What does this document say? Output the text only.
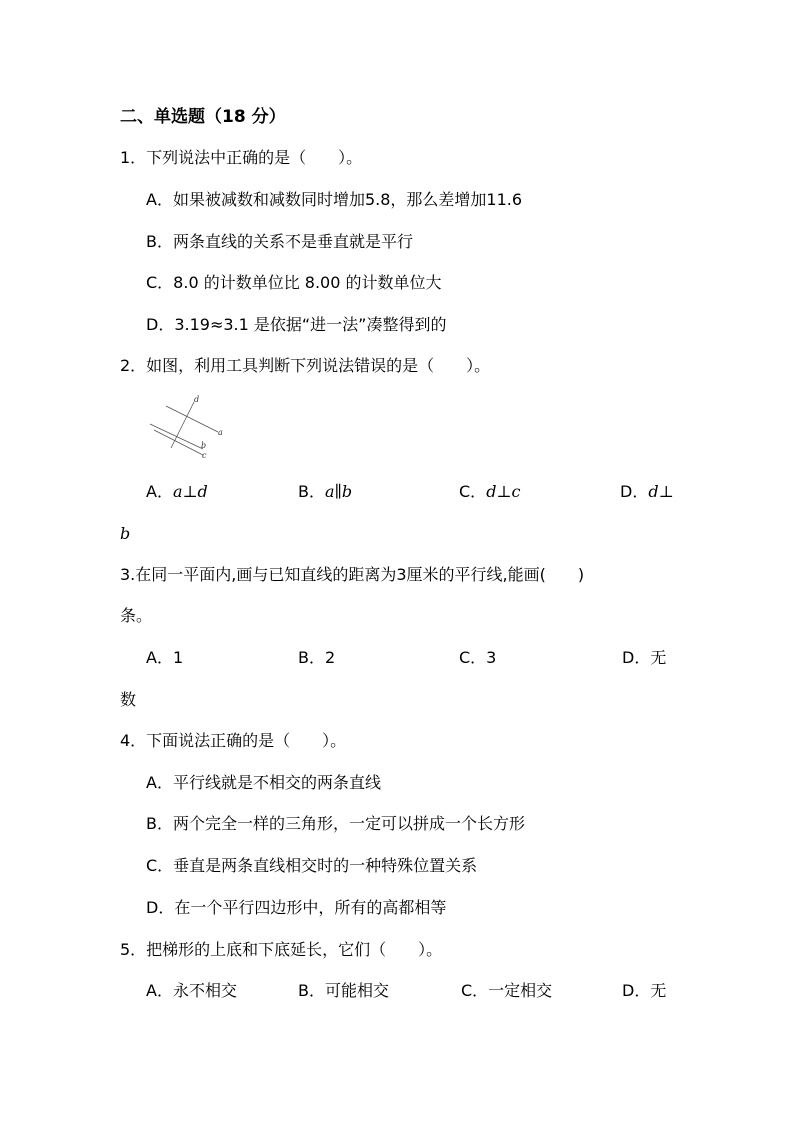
二、单选题（18 分）
1．下列说法中正确的是（　　）。
A．如果被减数和减数同时增加5.8，那么差增加11.6
B．两条直线的关系不是垂直就是平行
C．8.0 的计数单位比 8.00 的计数单位大
D．3.19≈3.1 是依据“进一法”凑整得到的
2．如图，利用工具判断下列说法错误的是（　　）。
d
a
b
c
A．a⊥d	B．a∥b	C．d⊥c	D．d⊥
b
3.在同一平面内,画与已知直线的距离为3厘米的平行线,能画(　　)
条。
A．1	B．2	C．3	D．无
数
4．下面说法正确的是（　　）。
A．平行线就是不相交的两条直线
B．两个完全一样的三角形，一定可以拼成一个长方形
C．垂直是两条直线相交时的一种特殊位置关系
D．在一个平行四边形中，所有的高都相等
5．把梯形的上底和下底延长，它们（　　）。
A．永不相交	B．可能相交	C．一定相交	D．无
